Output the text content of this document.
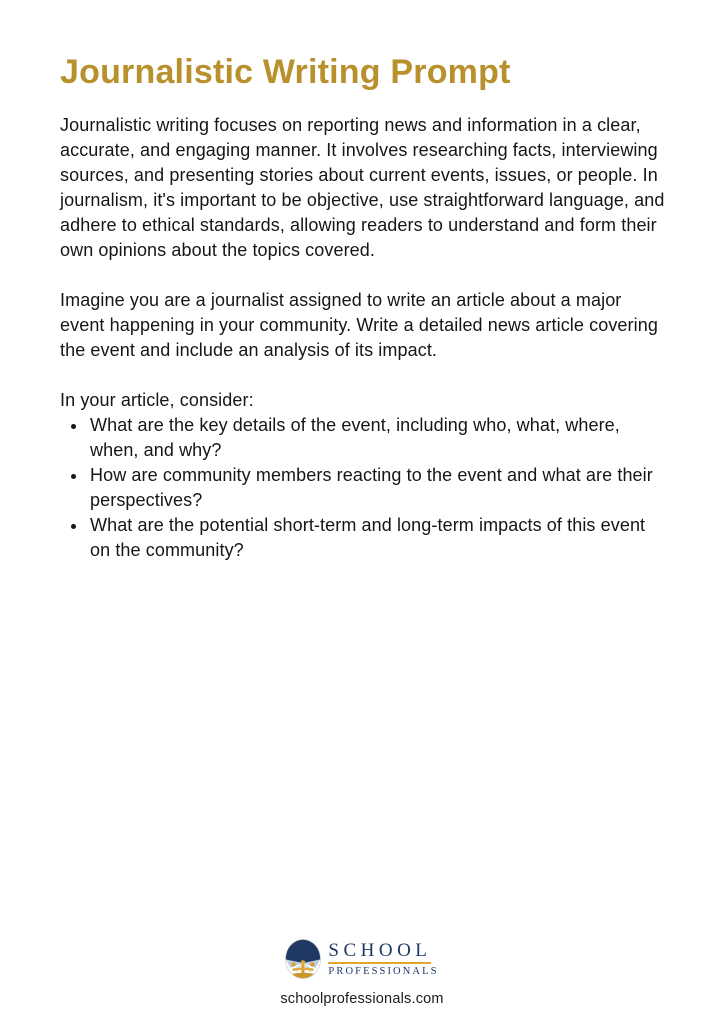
Journalistic Writing Prompt

Journalistic writing focuses on reporting news and information in a clear, accurate, and engaging manner. It involves researching facts, interviewing sources, and presenting stories about current events, issues, or people. In journalism, it's important to be objective, use straightforward language, and adhere to ethical standards, allowing readers to understand and form their own opinions about the topics covered.

Imagine you are a journalist assigned to write an article about a major event happening in your community. Write a detailed news article covering the event and include an analysis of its impact.

In your article, consider:

• What are the key details of the event, including who, what, where, when, and why?
• How are community members reacting to the event and what are their perspectives?
• What are the potential short-term and long-term impacts of this event on the community?
SCHOOL
PROFESSIONALS
schoolprofessionals.com
